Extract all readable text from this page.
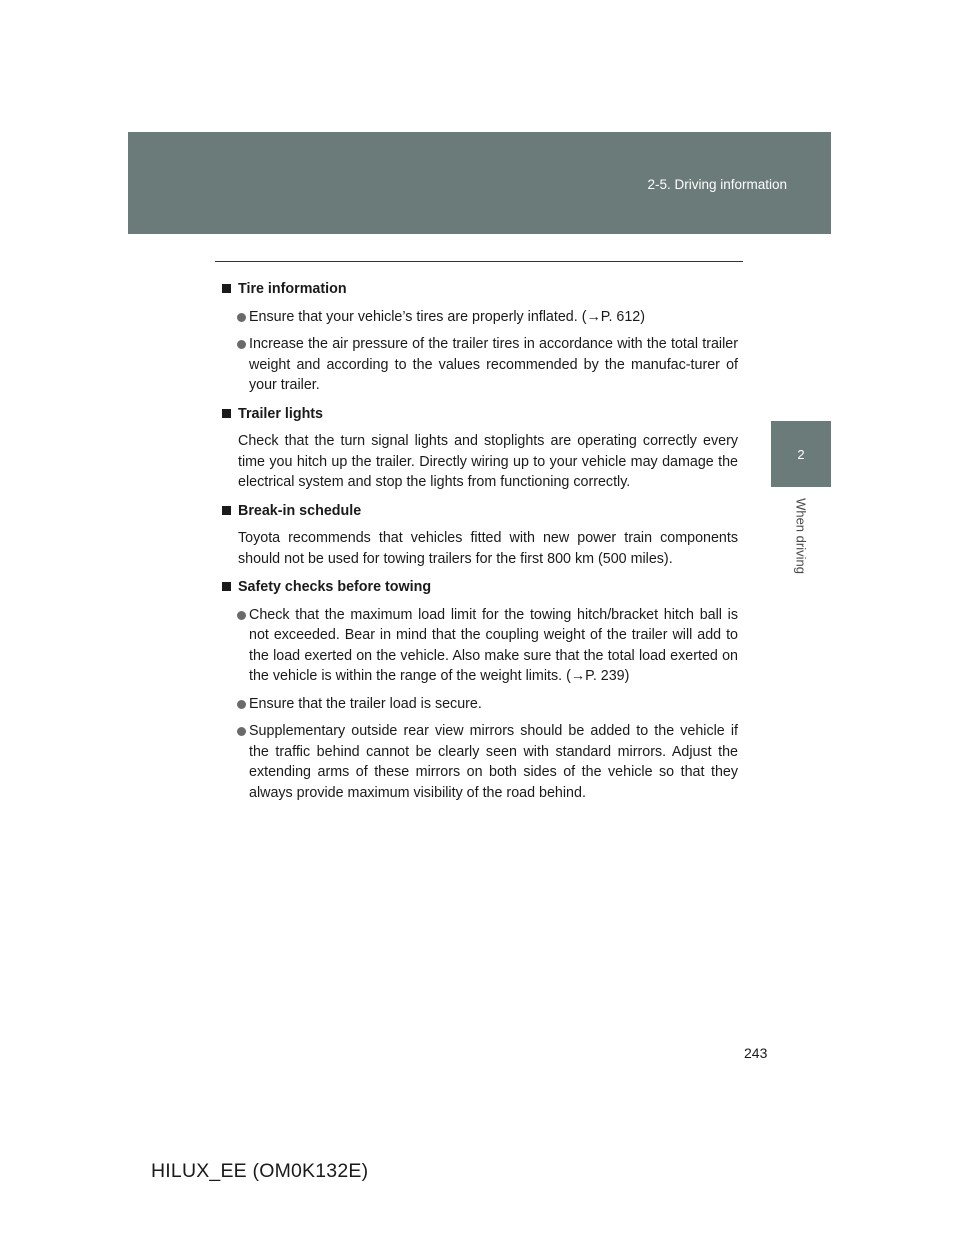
2-5. Driving information
2
When driving
Tire information
Ensure that your vehicle’s tires are properly inflated. (→P. 612)
Increase the air pressure of the trailer tires in accordance with the total trailer weight and according to the values recommended by the manufac-turer of your trailer.
Trailer lights
Check that the turn signal lights and stoplights are operating correctly every time you hitch up the trailer. Directly wiring up to your vehicle may damage the electrical system and stop the lights from functioning correctly.
Break-in schedule
Toyota recommends that vehicles fitted with new power train components should not be used for towing trailers for the first 800 km (500 miles).
Safety checks before towing
Check that the maximum load limit for the towing hitch/bracket hitch ball is not exceeded. Bear in mind that the coupling weight of the trailer will add to the load exerted on the vehicle. Also make sure that the total load exerted on the vehicle is within the range of the weight limits. (→P. 239)
Ensure that the trailer load is secure.
Supplementary outside rear view mirrors should be added to the vehicle if the traffic behind cannot be clearly seen with standard mirrors. Adjust the extending arms of these mirrors on both sides of the vehicle so that they always provide maximum visibility of the road behind.
243
HILUX_EE (OM0K132E)
